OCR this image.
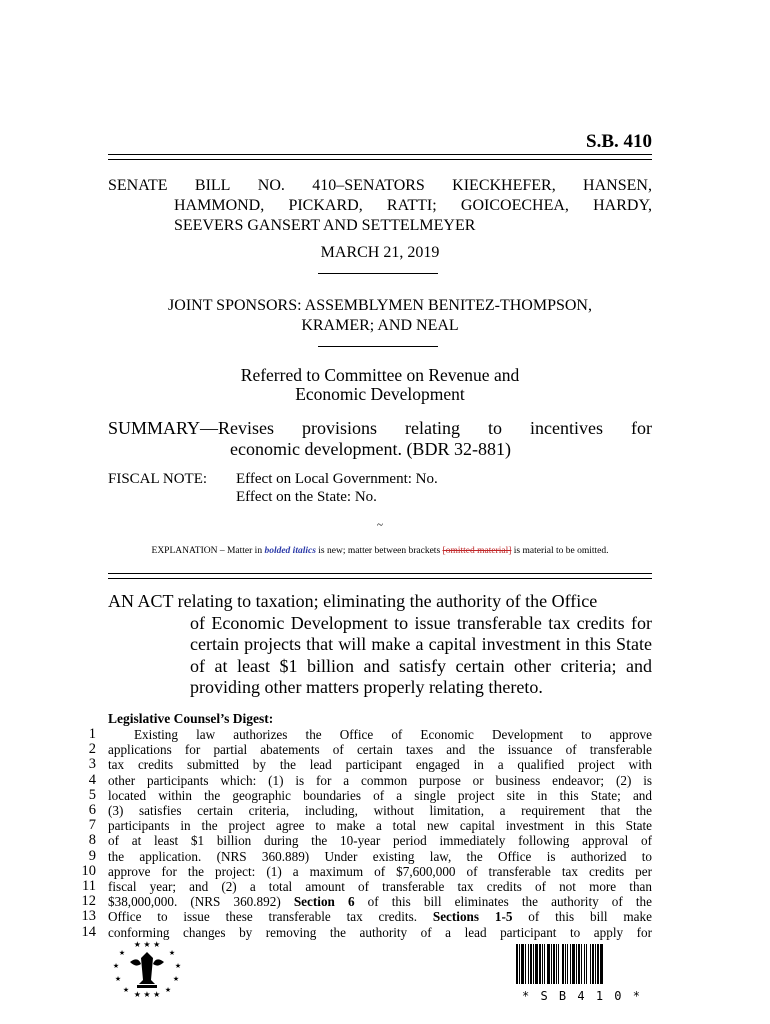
S.B. 410
SENATE BILL NO. 410–SENATORS KIECKHEFER, HANSEN,
HAMMOND, PICKARD, RATTI; GOICOECHEA, HARDY,
SEEVERS GANSERT AND SETTELMEYER
MARCH 21, 2019
JOINT SPONSORS: ASSEMBLYMEN BENITEZ-THOMPSON,
KRAMER; AND NEAL
Referred to Committee on Revenue and
Economic Development
SUMMARY—Revises provisions relating to incentives for
economic development. (BDR 32-881)
FISCAL NOTE: Effect on Local Government: No.
Effect on the State: No.
~
EXPLANATION – Matter in bolded italics is new; matter between brackets [omitted material] is material to be omitted.
AN ACT relating to taxation; eliminating the authority of the Office
of Economic Development to issue transferable tax credits for certain projects that will make a capital investment in this State of at least $1 billion and satisfy certain other criteria; and providing other matters properly relating thereto.
Legislative Counsel’s Digest:
1
2
3
4
5
6
7
8
9
10
11
12
13
14
Existing law authorizes the Office of Economic Development to approve
applications for partial abatements of certain taxes and the issuance of transferable
tax credits submitted by the lead participant engaged in a qualified project with
other participants which: (1) is for a common purpose or business endeavor; (2) is
located within the geographic boundaries of a single project site in this State; and
(3) satisfies certain criteria, including, without limitation, a requirement that the
participants in the project agree to make a total new capital investment in this State
of at least $1 billion during the 10-year period immediately following approval of
the application. (NRS 360.889) Under existing law, the Office is authorized to
approve for the project: (1) a maximum of $7,600,000 of transferable tax credits per
fiscal year; and (2) a total amount of transferable tax credits of not more than
$38,000,000. (NRS 360.892) Section 6 of this bill eliminates the authority of the
Office to issue these transferable tax credits. Sections 1-5 of this bill make
conforming changes by removing the authority of a lead participant to apply for
★ ★ ★
★	★
★	★
★	★
★ ★ ★
★	★	* S B 4 1 0 *
